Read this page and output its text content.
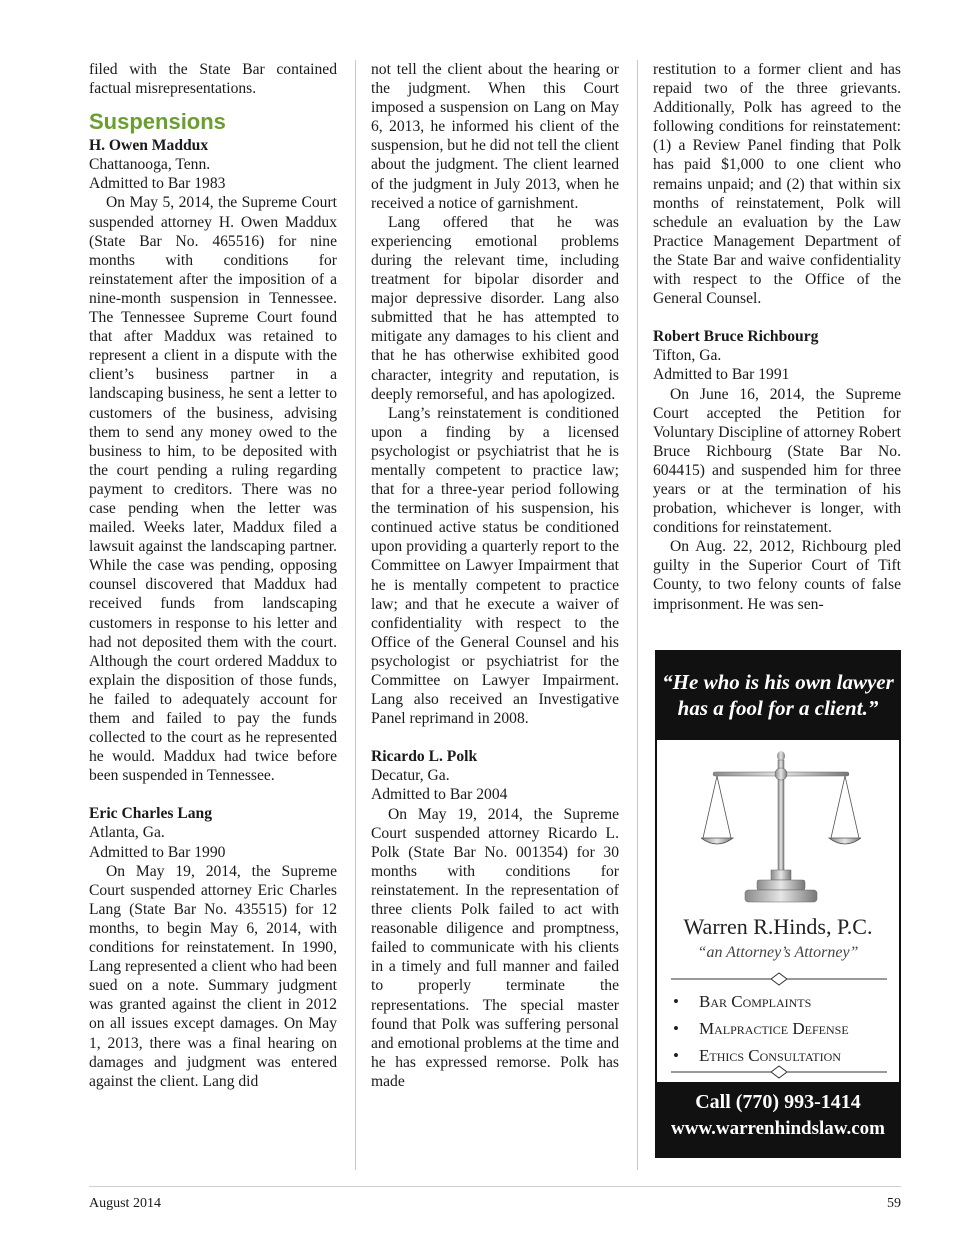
filed with the State Bar contained factual misrepresentations.

Suspensions
H. Owen Maddux
Chattanooga, Tenn.
Admitted to Bar 1983

On May 5, 2014, the Supreme Court suspended attorney H. Owen Maddux (State Bar No. 465516) for nine months with conditions for reinstatement after the imposition of a nine-month suspension in Tennessee. The Tennessee Supreme Court found that after Maddux was retained to represent a client in a dispute with the client’s business partner in a landscaping business, he sent a letter to customers of the business, advising them to send any money owed to the business to him, to be deposited with the court pending a ruling regarding payment to creditors. There was no case pending when the letter was mailed. Weeks later, Maddux filed a lawsuit against the landscaping partner. While the case was pending, opposing counsel discovered that Maddux had received funds from landscaping customers in response to his letter and had not deposited them with the court. Although the court ordered Maddux to explain the disposition of those funds, he failed to adequately account for them and failed to pay the funds collected to the court as he represented he would. Maddux had twice before been suspended in Tennessee.

Eric Charles Lang
Atlanta, Ga.
Admitted to Bar 1990

On May 19, 2014, the Supreme Court suspended attorney Eric Charles Lang (State Bar No. 435515) for 12 months, to begin May 6, 2014, with conditions for reinstatement. In 1990, Lang represented a client who had been sued on a note. Summary judgment was granted against the client in 2012 on all issues except damages. On May 1, 2013, there was a final hearing on damages and judgment was entered against the client. Lang did

not tell the client about the hearing or the judgment. When this Court imposed a suspension on Lang on May 6, 2013, he informed his client of the suspension, but he did not tell the client about the judgment. The client learned of the judgment in July 2013, when he received a notice of garnishment.

Lang offered that he was experiencing emotional problems during the relevant time, including treatment for bipolar disorder and major depressive disorder. Lang also submitted that he has attempted to mitigate any damages to his client and that he has otherwise exhibited good character, integrity and reputation, is deeply remorseful, and has apologized.

Lang’s reinstatement is conditioned upon a finding by a licensed psychologist or psychiatrist that he is mentally competent to practice law; that for a three-year period following the termination of his suspension, his continued active status be conditioned upon providing a quarterly report to the Committee on Lawyer Impairment that he is mentally competent to practice law; and that he execute a waiver of confidentiality with respect to the Office of the General Counsel and his psychologist or psychiatrist for the Committee on Lawyer Impairment. Lang also received an Investigative Panel reprimand in 2008.

Ricardo L. Polk
Decatur, Ga.
Admitted to Bar 2004

On May 19, 2014, the Supreme Court suspended attorney Ricardo L. Polk (State Bar No. 001354) for 30 months with conditions for reinstatement. In the representation of three clients Polk failed to act with reasonable diligence and promptness, failed to communicate with his clients in a timely and full manner and failed to properly terminate the representations. The special master found that Polk was suffering personal and emotional problems at the time and he has expressed remorse. Polk has made

restitution to a former client and has repaid two of the three grievants. Additionally, Polk has agreed to the following conditions for reinstatement: (1) a Review Panel finding that Polk has paid $1,000 to one client who remains unpaid; and (2) that within six months of reinstatement, Polk will schedule an evaluation by the Law Practice Management Department of the State Bar and waive confidentiality with respect to the Office of the General Counsel.

Robert Bruce Richbourg
Tifton, Ga.
Admitted to Bar 1991

On June 16, 2014, the Supreme Court accepted the Petition for Voluntary Discipline of attorney Robert Bruce Richbourg (State Bar No. 604415) and suspended him for three years or at the termination of his probation, whichever is longer, with conditions for reinstatement.

On Aug. 22, 2012, Richbourg pled guilty in the Superior Court of Tift County, to two felony counts of false imprisonment. He was sen-

“He who is his own lawyer
has a fool for a client.”
Warren R.Hinds, P.C.
“an Attorney’s Attorney”
• Bar Complaints
• Malpractice Defense
• Ethics Consultation
Call (770) 993-1414
www.warrenhindslaw.com
August 2014	59
